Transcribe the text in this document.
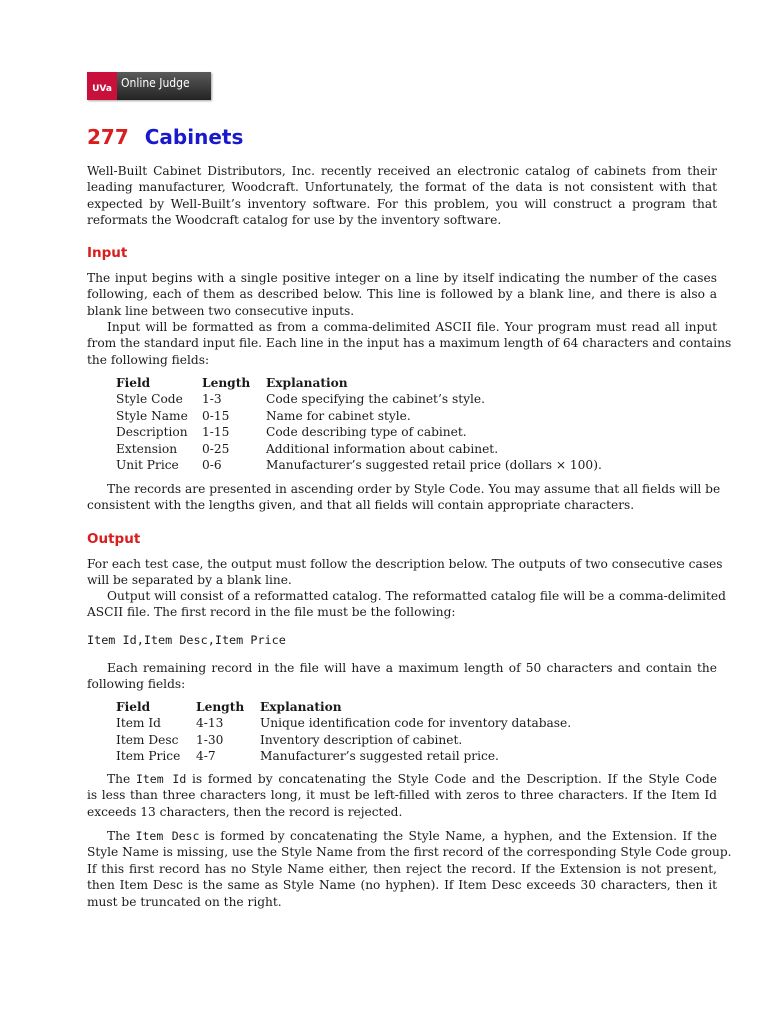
UVa Online Judge
277 Cabinets
Well-Built Cabinet Distributors, Inc. recently received an electronic catalog of cabinets from their
leading manufacturer, Woodcraft. Unfortunately, the format of the data is not consistent with that
expected by Well-Built’s inventory software. For this problem, you will construct a program that
reformats the Woodcraft catalog for use by the inventory software.
Input
The input begins with a single positive integer on a line by itself indicating the number of the cases
following, each of them as described below. This line is followed by a blank line, and there is also a
blank line between two consecutive inputs.
Input will be formatted as from a comma-delimited ASCII file. Your program must read all input
from the standard input file. Each line in the input has a maximum length of 64 characters and contains
the following fields:
Field	Length	Explanation
Style Code	1-3	Code specifying the cabinet’s style.
Style Name	0-15	Name for cabinet style.
Description	1-15	Code describing type of cabinet.
Extension	0-25	Additional information about cabinet.
Unit Price	0-6	Manufacturer’s suggested retail price (dollars × 100).
The records are presented in ascending order by Style Code. You may assume that all fields will be
consistent with the lengths given, and that all fields will contain appropriate characters.
Output
For each test case, the output must follow the description below. The outputs of two consecutive cases
will be separated by a blank line.
Output will consist of a reformatted catalog. The reformatted catalog file will be a comma-delimited
ASCII file. The first record in the file must be the following:
Item Id,Item Desc,Item Price
Each remaining record in the file will have a maximum length of 50 characters and contain the
following fields:
Field	Length	Explanation
Item Id	4-13	Unique identification code for inventory database.
Item Desc	1-30	Inventory description of cabinet.
Item Price	4-7	Manufacturer’s suggested retail price.
The Item Id is formed by concatenating the Style Code and the Description. If the Style Code
is less than three characters long, it must be left-filled with zeros to three characters. If the Item Id
exceeds 13 characters, then the record is rejected.
The Item Desc is formed by concatenating the Style Name, a hyphen, and the Extension. If the
Style Name is missing, use the Style Name from the first record of the corresponding Style Code group.
If this first record has no Style Name either, then reject the record. If the Extension is not present,
then Item Desc is the same as Style Name (no hyphen). If Item Desc exceeds 30 characters, then it
must be truncated on the right.
